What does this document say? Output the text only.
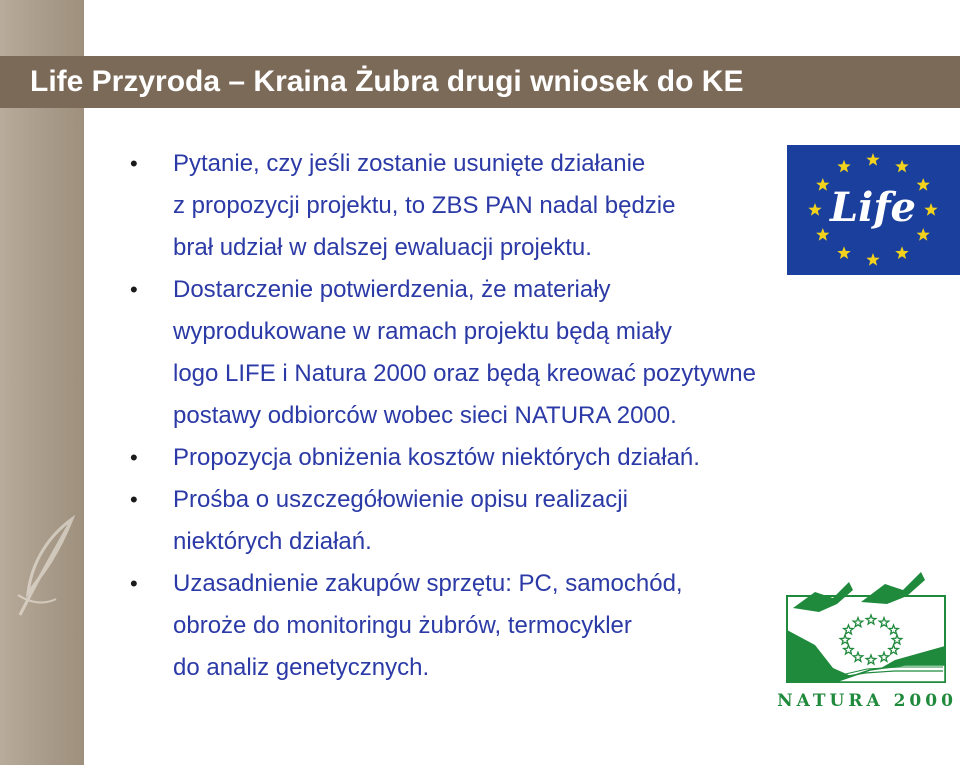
Life Przyroda – Kraina Żubra drugi wniosek do KE
• Pytanie, czy jeśli zostanie usunięte działanie
z propozycji projektu, to ZBS PAN nadal będzie
brał udział w dalszej ewaluacji projektu.
• Dostarczenie potwierdzenia, że materiały
wyprodukowane w ramach projektu będą miały
logo LIFE i Natura 2000 oraz będą kreować pozytywne
postawy odbiorców wobec sieci NATURA 2000.
• Propozycja obniżenia kosztów niektórych działań.
• Prośba o uszczegółowienie opisu realizacji
niektórych działań.
• Uzasadnienie zakupów sprzętu: PC, samochód,
obroże do monitoringu żubrów, termocykler
do analiz genetycznych.
Life
NATURA 2000
